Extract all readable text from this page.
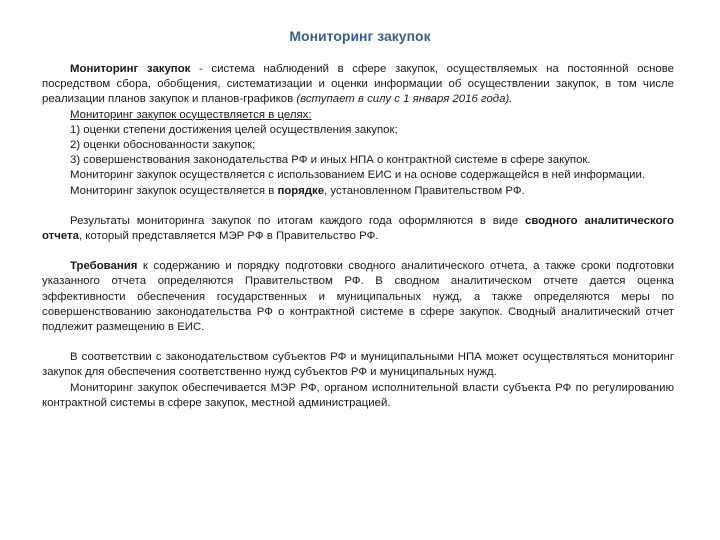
Мониторинг закупок

Мониторинг закупок - система наблюдений в сфере закупок, осуществляемых на постоянной основе посредством сбора, обобщения, систематизации и оценки информации об осуществлении закупок, в том числе реализации планов закупок и планов-графиков (вступает в силу с 1 января 2016 года).

Мониторинг закупок осуществляется в целях:

1) оценки степени достижения целей осуществления закупок;

2) оценки обоснованности закупок;

3) совершенствования законодательства РФ и иных НПА о контрактной системе в сфере закупок.

Мониторинг закупок осуществляется с использованием ЕИС и на основе содержащейся в ней информации.

Мониторинг закупок осуществляется в порядке, установленном Правительством РФ.

Результаты мониторинга закупок по итогам каждого года оформляются в виде сводного аналитического отчета, который представляется МЭР РФ в Правительство РФ.

Требования к содержанию и порядку подготовки сводного аналитического отчета, а также сроки подготовки указанного отчета определяются Правительством РФ. В сводном аналитическом отчете дается оценка эффективности обеспечения государственных и муниципальных нужд, а также определяются меры по совершенствованию законодательства РФ о контрактной системе в сфере закупок. Сводный аналитический отчет подлежит размещению в ЕИС.

В соответствии с законодательством субъектов РФ и муниципальными НПА может осуществляться мониторинг закупок для обеспечения соответственно нужд субъектов РФ и муниципальных нужд.

Мониторинг закупок обеспечивается МЭР РФ, органом исполнительной власти субъекта РФ по регулированию контрактной системы в сфере закупок, местной администрацией.
